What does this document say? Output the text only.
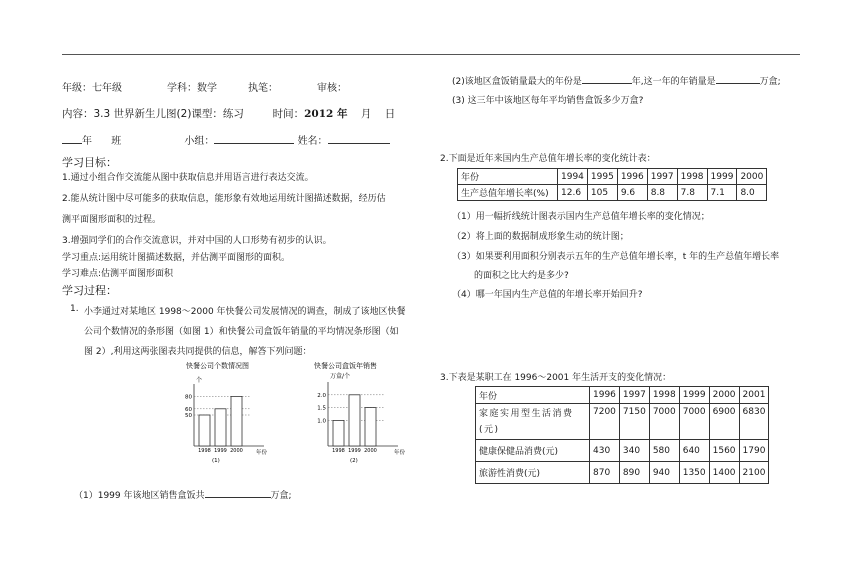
年级：七年级	学科：数学	执笔：	审核：
内容：3.3 世界新生儿图(2)课型：练习	时间：2012 年 月 日
年 班	小组：	姓名：
学习目标：
1.通过小组合作交流能从图中获取信息并用语言进行表达交流。
2.能从统计图中尽可能多的获取信息，能形象有效地运用统计图描述数据，经历估
测平面图形面积的过程。
3.增强同学们的合作交流意识，并对中国的人口形势有初步的认识。
学习重点:运用统计图描述数据，并估测平面图形的面积。
学习难点:估测平面图形面积
学习过程：
1. 小李通过对某地区 1998～2000 年快餐公司发展情况的调查，制成了该地区快餐
公司个数情况的条形图（如图 1）和快餐公司盒饭年销量的平均情况条形图（如
图 2）,利用这两张图表共同提供的信息，解答下列问题：
快餐公司个数情况图
个
80
60
50
1998 1999 2000 年份
(1)
快餐公司盒饭年销售
万盒/个
2.0
1.5
1.0
1998 1999 2000	年份
(2)
（1）1999 年该地区销售盒饭共	万盒;
(2)该地区盒饭销量最大的年份是	年,这一年的年销量是	万盒;
(3) 这三年中该地区每年平均销售盒饭多少万盒?
2.下面是近年来国内生产总值年增长率的变化统计表：
年份	1994	1995	1996	1997	1998	1999	2000
生产总值年增长率(%)	12.6	105	9.6	8.8	7.8	7.1	8.0
（1）用一幅折线统计图表示国内生产总值年增长率的变化情况；
（2）将上面的数据制成形象生动的统计图；
（3）如果要利用面积分别表示五年的生产总值年增长率，t 年的生产总值年增长率
的面积之比大约是多少?
（4）哪一年国内生产总值的年增长率开始回升?
3.下表是某职工在 1996～2001 年生活开支的变化情况：
年份	1996	1997	1998	1999	2000	2001
家庭实用型生活消费(元)	7200	7150	7000	7000	6900	6830
健康保健品消费(元)	430	340	580	640	1560	1790
旅游性消费(元)	870	890	940	1350	1400	2100
